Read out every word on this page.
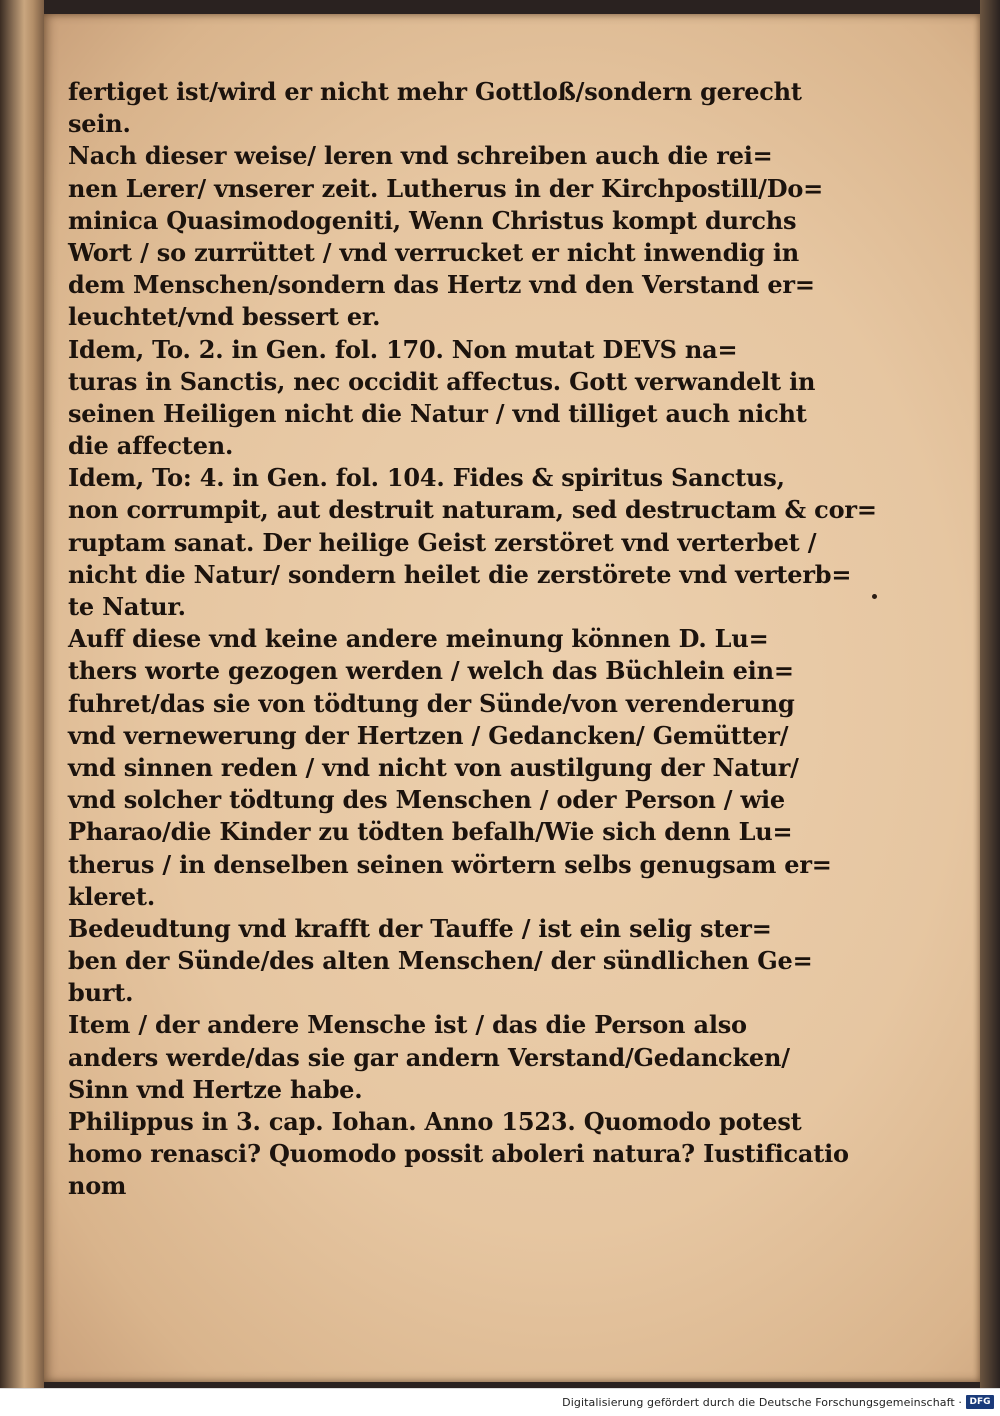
fertiget ist/wird er nicht mehr Gottloß/sondern gerecht
sein.
Nach dieser weise/ leren vnd schreiben auch die rei=
nen Lerer/ vnserer zeit. Lutherus in der Kirchpostill/Do=
minica Quasimodogeniti, Wenn Christus kompt durchs
Wort / so zurrüttet / vnd verrucket er nicht inwendig in
dem Menschen/sondern das Hertz vnd den Verstand er=
leuchtet/vnd bessert er.
Idem, To. 2. in Gen. fol. 170. Non mutat DEVS na=
turas in Sanctis, nec occidit affectus. Gott verwandelt in
seinen Heiligen nicht die Natur / vnd tilliget auch nicht
die affecten.
Idem, To: 4. in Gen. fol. 104. Fides & spiritus Sanctus,
non corrumpit, aut destruit naturam, sed destructam & cor=
ruptam sanat. Der heilige Geist zerstöret vnd verterbet /
nicht die Natur/ sondern heilet die zerstörete vnd verterb=
te Natur.
Auff diese vnd keine andere meinung können D. Lu=
thers worte gezogen werden / welch das Büchlein ein=
fuhret/das sie von tödtung der Sünde/von verenderung
vnd vernewerung der Hertzen / Gedancken/ Gemütter/
vnd sinnen reden / vnd nicht von austilgung der Natur/
vnd solcher tödtung des Menschen / oder Person / wie
Pharao/die Kinder zu tödten befalh/Wie sich denn Lu=
therus / in denselben seinen wörtern selbs genugsam er=
kleret.
Bedeudtung vnd krafft der Tauffe / ist ein selig ster=
ben der Sünde/des alten Menschen/ der sündlichen Ge=
burt.
Item / der andere Mensche ist / das die Person also
anders werde/das sie gar andern Verstand/Gedancken/
Sinn vnd Hertze habe.
Philippus in 3. cap. Iohan. Anno 1523. Quomodo potest
homo renasci? Quomodo possit aboleri natura? Iustificatio
nom
Digitalisierung gefördert durch die Deutsche Forschungsgemeinschaft · DFG
